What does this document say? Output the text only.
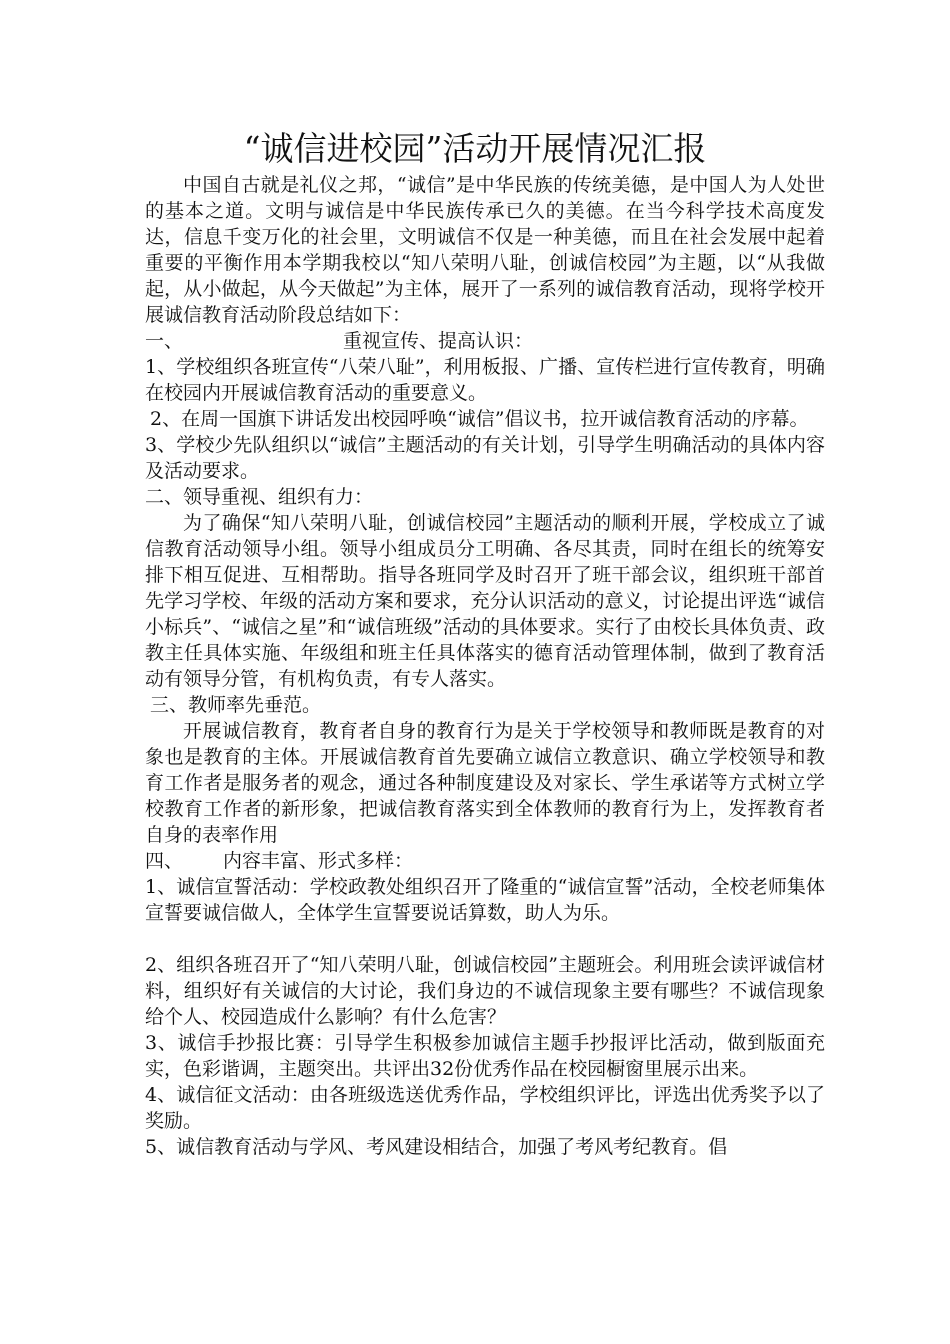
“诚信进校园”活动开展情况汇报

中国自古就是礼仪之邦，“诚信”是中华民族的传统美德，是中国人为人处世的基本之道。文明与诚信是中华民族传承已久的美德。在当今科学技术高度发达，信息千变万化的社会里，文明诚信不仅是一种美德，而且在社会发展中起着重要的平衡作用本学期我校以“知八荣明八耻，创诚信校园”为主题，以“从我做起，从小做起，从今天做起”为主体，展开了一系列的诚信教育活动，现将学校开展诚信教育活动阶段总结如下：

一、	重视宣传、提高认识：

1、学校组织各班宣传“八荣八耻”，利用板报、广播、宣传栏进行宣传教育，明确在校园内开展诚信教育活动的重要意义。

2、在周一国旗下讲话发出校园呼唤“诚信”倡议书，拉开诚信教育活动的序幕。

3、学校少先队组织以“诚信”主题活动的有关计划，引导学生明确活动的具体内容及活动要求。

二、领导重视、组织有力：

为了确保“知八荣明八耻，创诚信校园”主题活动的顺利开展，学校成立了诚信教育活动领导小组。领导小组成员分工明确、各尽其责，同时在组长的统筹安排下相互促进、互相帮助。指导各班同学及时召开了班干部会议，组织班干部首先学习学校、年级的活动方案和要求，充分认识活动的意义，讨论提出评选“诚信小标兵”、“诚信之星”和“诚信班级”活动的具体要求。实行了由校长具体负责、政教主任具体实施、年级组和班主任具体落实的德育活动管理体制，做到了教育活动有领导分管，有机构负责，有专人落实。

三、教师率先垂范。

开展诚信教育，教育者自身的教育行为是关于学校领导和教师既是教育的对象也是教育的主体。开展诚信教育首先要确立诚信立教意识、确立学校领导和教育工作者是服务者的观念，通过各种制度建设及对家长、学生承诺等方式树立学校教育工作者的新形象，把诚信教育落实到全体教师的教育行为上，发挥教育者自身的表率作用

四、 内容丰富、形式多样：

1、诚信宣誓活动：学校政教处组织召开了隆重的“诚信宣誓”活动，全校老师集体宣誓要诚信做人，全体学生宣誓要说话算数，助人为乐。

2、组织各班召开了“知八荣明八耻，创诚信校园”主题班会。利用班会读评诚信材料，组织好有关诚信的大讨论，我们身边的不诚信现象主要有哪些？不诚信现象给个人、校园造成什么影响？有什么危害？

3、诚信手抄报比赛：引导学生积极参加诚信主题手抄报评比活动，做到版面充实，色彩谐调，主题突出。共评出32份优秀作品在校园橱窗里展示出来。

4、诚信征文活动：由各班级选送优秀作品，学校组织评比，评选出优秀奖予以了奖励。

5、诚信教育活动与学风、考风建设相结合，加强了考风考纪教育。倡
